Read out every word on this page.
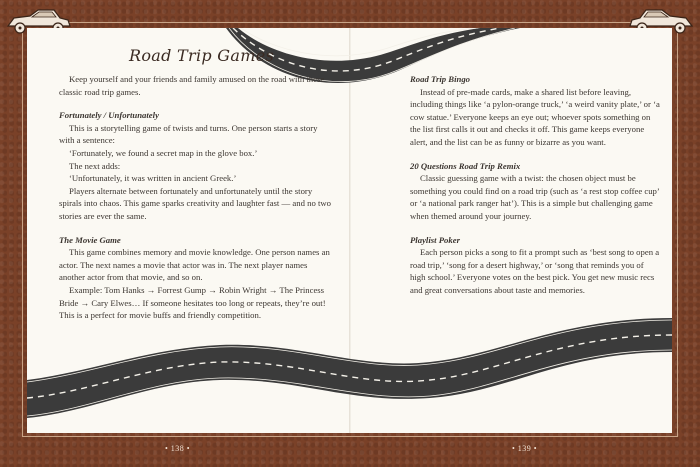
Road Trip Games

Keep yourself and your friends and family amused on the road with these classic road trip games.

Fortunately / Unfortunately

This is a storytelling game of twists and turns. One person starts a story with a sentence:

‘Fortunately, we found a secret map in the glove box.’

The next adds:

‘Unfortunately, it was written in ancient Greek.’

Players alternate between fortunately and unfortunately until the story spirals into chaos. This game sparks creativity and laughter fast — and no two stories are ever the same.

The Movie Game

This game combines memory and movie knowledge. One person names an actor. The next names a movie that actor was in. The next player names another actor from that movie, and so on.

Example: Tom Hanks → Forrest Gump → Robin Wright → The Princess Bride → Cary Elwes… If someone hesitates too long or repeats, they’re out! This is a perfect for movie buffs and friendly competition.

Road Trip Bingo

Instead of pre-made cards, make a shared list before leaving, including things like ‘a pylon-orange truck,’ ‘a weird vanity plate,’ or ‘a cow statue.’ Everyone keeps an eye out; whoever spots something on the list first calls it out and checks it off. This game keeps everyone alert, and the list can be as funny or bizarre as you want.

20 Questions Road Trip Remix

Classic guessing game with a twist: the chosen object must be something you could find on a road trip (such as ‘a rest stop coffee cup’ or ‘a national park ranger hat’). This is a simple but challenging game when themed around your journey.

Playlist Poker

Each person picks a song to fit a prompt such as ‘best song to open a road trip,’ ‘song for a desert highway,’ or ‘song that reminds you of high school.’ Everyone votes on the best pick. You get new music recs and great conversations about taste and memories.

• 138 •	• 139 •
